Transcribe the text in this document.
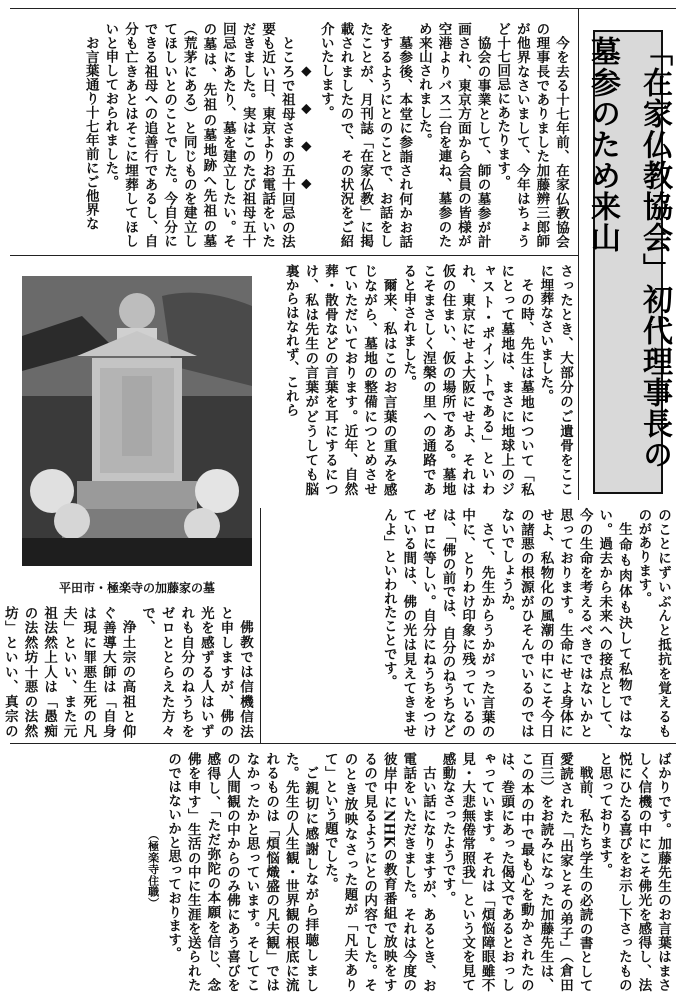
「在家仏教協会」初代理事長の墓参のため来山

今を去る十七年前、在家仏教協会の理事長でありました加藤辨三郎師が他界なさいまして、今年はちょうど十七回忌にあたります。

協会の事業として、師の墓参が計画され、東京方面から会員の皆様が空港よりバス二台を連ね、墓参のため来山されました。

墓参後、本堂に参詣され何かお話をするようにとのことで、お話をしたことが、月刊誌「在家仏教」に掲載されましたので、その状況をご紹介いたします。

◆　◆　◆　◆

ところで祖母さまの五十回忌の法要も近い日、東京よりお電話をいただきました。実はこのたび祖母五十回忌にあたり、墓を建立したい。その墓は、先祖の墓地跡へ先祖の墓（荒茅にある）と同じものを建立してほしいとのことでした。今自分にできる祖母への追善行であるし、自分も亡きあとはそこに埋葬してほしいと申しておられました。

お言葉通り十七年前にご他界な

さったとき、大部分のご遺骨をここに埋葬なさいました。

その時、先生は墓地について「私にとって墓地は、まさに地球上のジャスト・ポイントである」といわれ、東京にせよ大阪にせよ、それは仮の住まい、仮の場所である。墓地こそまさしく涅槃の里への通路であると申されました。

爾来、私はこのお言葉の重みを感じながら、墓地の整備につとめさせていただいております。近年、自然葬・散骨などの言葉を耳にするにつけ、私は先生の言葉がどうしても脳裏からはなれず、これら

のことにずいぶんと抵抗を覚えるものがあります。

生命も肉体も決して私物ではない。過去から未来への接点として、今の生命を考えるべきではないかと思っております。生命にせよ身体にせよ、私物化の風潮の中にこそ今日の諸悪の根源がひそんでいるのではないでしょうか。

さて、先生からうかがった言葉の中に、とりわけ印象に残っているのは、「佛の前では、自分のねうちなどゼロに等しい。自分にねうちをつけている間は、佛の光は見えてきませんよ」といわれたことです。

平田市・極楽寺の加藤家の墓

佛教では信機信法と申しますが、佛の光を感ずる人はいずれも自分のねうちをゼロととらえた方々で、

浄土宗の高祖と仰ぐ善導大師は「自身は現に罪悪生死の凡夫」といい、また元祖法然上人は「愚痴の法然坊十悪の法然坊」といい、真宗の

ばかりです。加藤先生のお言葉はまさしく信機の中にこそ佛光を感得し、法悦にひたる喜びをお示し下さったものと思っております。

戦前、私たち学生の必読の書として愛読された「出家とその弟子」（倉田百三）をお読みになった加藤先生は、この本の中で最も心を動かされたのは、巻頭にあった偈文であるとおっしゃっています。それは「煩悩障眼雖不見・大悲無倦常照我」という文を見て感動なさったようです。

古い話になりますが、あるとき、お電話をいただきました。それは今度の彼岸中にNHKの教育番組で放映をするので見るようにとの内容でした。そのとき放映なさった題が「凡夫ありて」という題でした。

ご親切に感謝しながら拝聴しました。先生の人生観・世界観の根底に流れるものは「煩悩熾盛の凡夫観」ではなかったかと思っています。そしてこの人間観の中からのみ佛にあう喜びを感得し、「ただ弥陀の本願を信じ、念佛を申す」生活の中に生涯を送られたのではないかと思っております。

（極楽寺住職）
